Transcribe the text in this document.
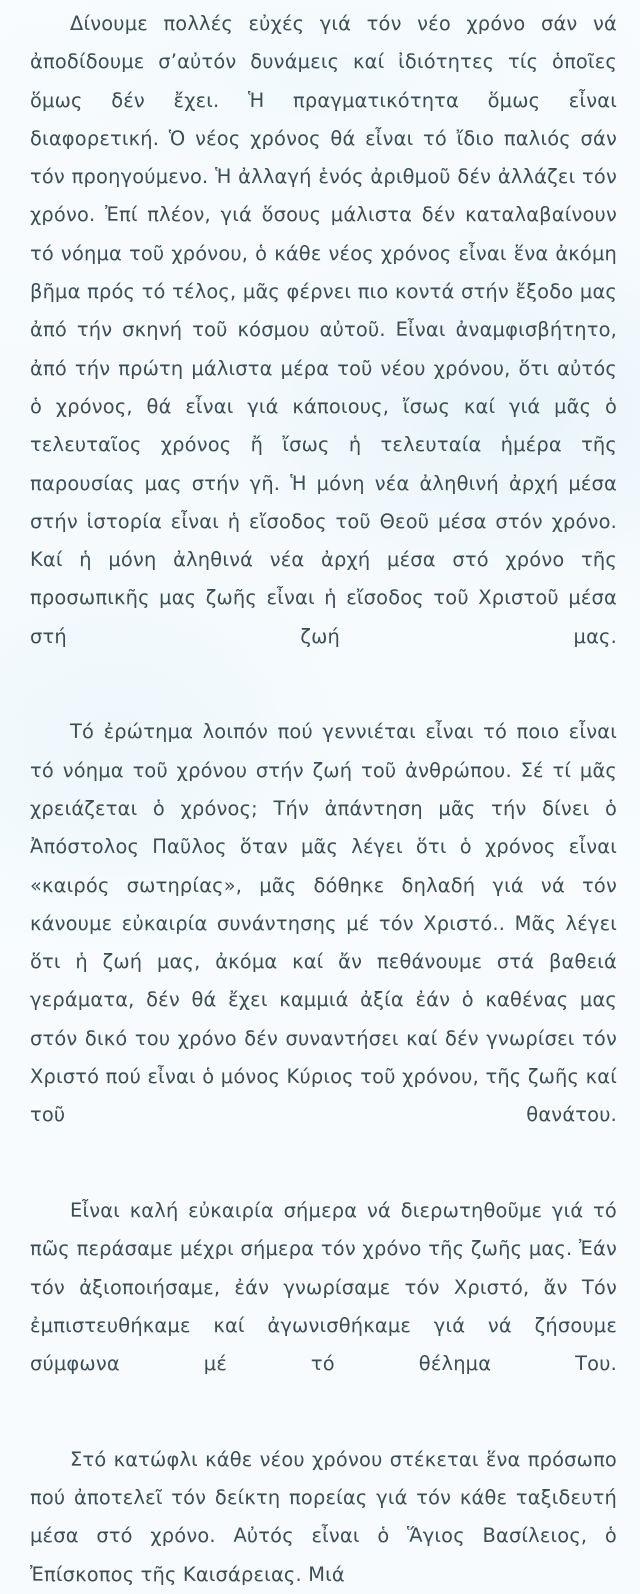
Δίνουμε πολλές εὐχές γιά τόν νέο χρόνο σάν νά ἀποδίδουμε σ’αὐτόν δυνάμεις καί ἰδιότητες τίς ὁποῖες ὅμως δέν ἔχει. Ἡ πραγματικότητα ὅμως εἶναι διαφορετική. Ὁ νέος χρόνος θά εἶναι τό ἴδιο παλιός σάν τόν προηγούμενο. Ἡ ἀλλαγή ἑνός ἀριθμοῦ δέν ἀλλάζει τόν χρόνο. Ἐπί πλέον, γιά ὅσους μάλιστα δέν καταλαβαίνουν τό νόημα τοῦ χρόνου, ὁ κάθε νέος χρόνος εἶναι ἕνα ἀκόμη βῆμα πρός τό τέλος, μᾶς φέρνει πιο κοντά στήν ἔξοδο μας ἀπό τήν σκηνή τοῦ κόσμου αὐτοῦ. Εἶναι ἀναμφισβήτητο, ἀπό τήν πρώτη μάλιστα μέρα τοῦ νέου χρόνου, ὅτι αὐτός ὁ χρόνος, θά εἶναι γιά κάποιους, ἴσως καί γιά μᾶς ὁ τελευταῖος χρόνος ἤ ἴσως ἡ τελευταία ἡμέρα τῆς παρουσίας μας στήν γῆ. Ἡ μόνη νέα ἀληθινή ἀρχή μέσα στήν ἱστορία εἶναι ἡ εἴσοδος τοῦ Θεοῦ μέσα στόν χρόνο. Καί ἡ μόνη ἀληθινά νέα ἀρχή μέσα στό χρόνο τῆς προσωπικῆς μας ζωῆς εἶναι ἡ εἴσοδος τοῦ Χριστοῦ μέσα στή ζωή μας.

Τό ἐρώτημα λοιπόν πού γεννιέται εἶναι τό ποιο εἶναι τό νόημα τοῦ χρόνου στήν ζωή τοῦ ἀνθρώπου. Σέ τί μᾶς χρειάζεται ὁ χρόνος; Τήν ἀπάντηση μᾶς τήν δίνει ὁ Ἀπόστολος Παῦλος ὅταν μᾶς λέγει ὅτι ὁ χρόνος εἶναι «καιρός σωτηρίας», μᾶς δόθηκε δηλαδή γιά νά τόν κάνουμε εὐκαιρία συνάντησης μέ τόν Χριστό.. Μᾶς λέγει ὅτι ἡ ζωή μας, ἀκόμα καί ἄν πεθάνουμε στά βαθειά γεράματα, δέν θά ἔχει καμμιά ἀξία ἐάν ὁ καθένας μας στόν δικό του χρόνο δέν συναντήσει καί δέν γνωρίσει τόν Χριστό πού εἶναι ὁ μόνος Κύριος τοῦ χρόνου, τῆς ζωῆς καί τοῦ θανάτου.

Εἶναι καλή εὐκαιρία σήμερα νά διερωτηθοῦμε γιά τό πῶς περάσαμε μέχρι σήμερα τόν χρόνο τῆς ζωῆς μας. Ἐάν τόν ἀξιοποιήσαμε, ἐάν γνωρίσαμε τόν Χριστό, ἄν Τόν ἐμπιστευθήκαμε καί ἀγωνισθήκαμε γιά νά ζήσουμε σύμφωνα μέ τό θέλημα Του.

Στό κατώφλι κάθε νέου χρόνου στέκεται ἕνα πρόσωπο πού ἀποτελεῖ τόν δείκτη πορείας γιά τόν κάθε ταξιδευτή μέσα στό χρόνο. Αὐτός εἶναι ὁ Ἅγιος Βασίλειος, ὁ Ἐπίσκοπος τῆς Καισάρειας. Μιά
